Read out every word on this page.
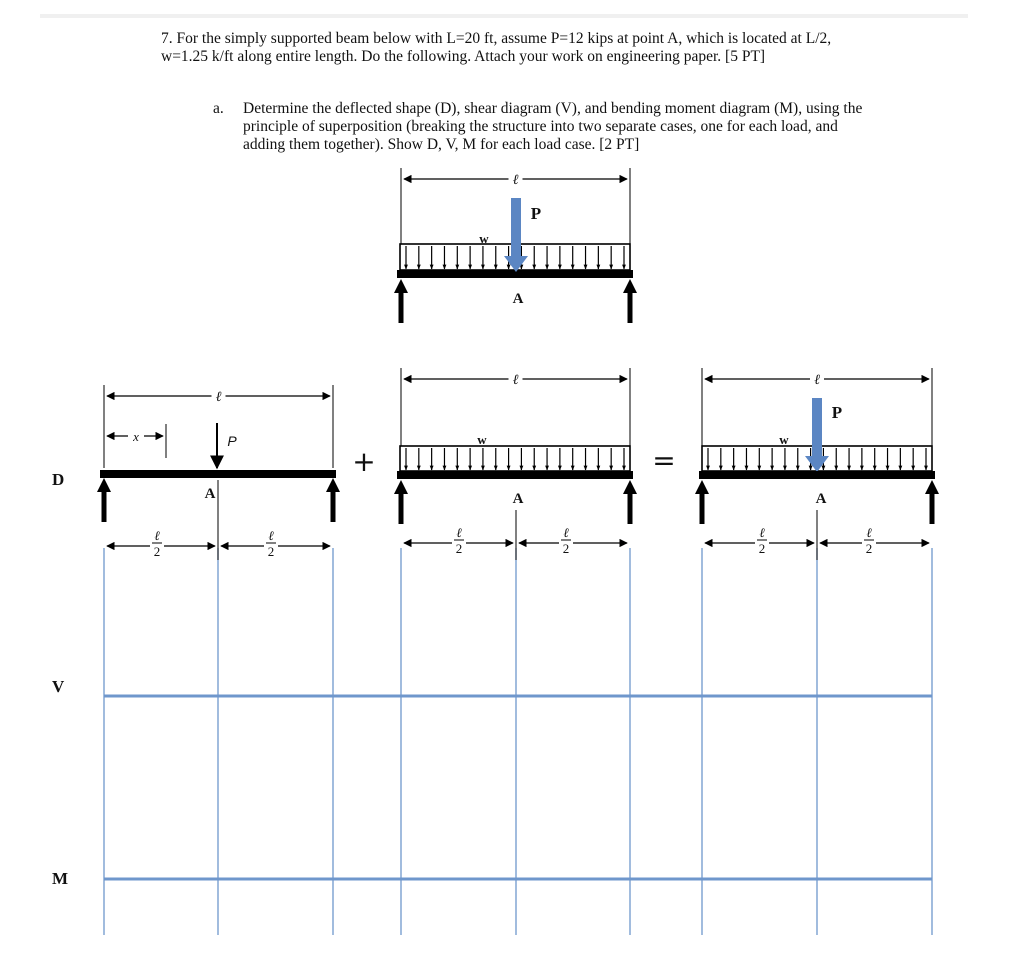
7. For the simply supported beam below with L=20 ft, assume P=12 kips at point A, which is located at L/2, w=1.25 k/ft along entire length. Do the following. Attach your work on engineering paper. [5 PT]
a. Determine the deflected shape (D), shear diagram (V), and bending moment diagram (M), using the principle of superposition (breaking the structure into two separate cases, one for each load, and adding them together). Show D, V, M for each load case. [2 PT]
D
V
M
ℓ
P
w
A
ℓ
x	P
A
ℓ
2
ℓ
2
+
ℓ
w
A
ℓ
2
ℓ
2
=
ℓ
P
w
A
ℓ
2
ℓ
2
